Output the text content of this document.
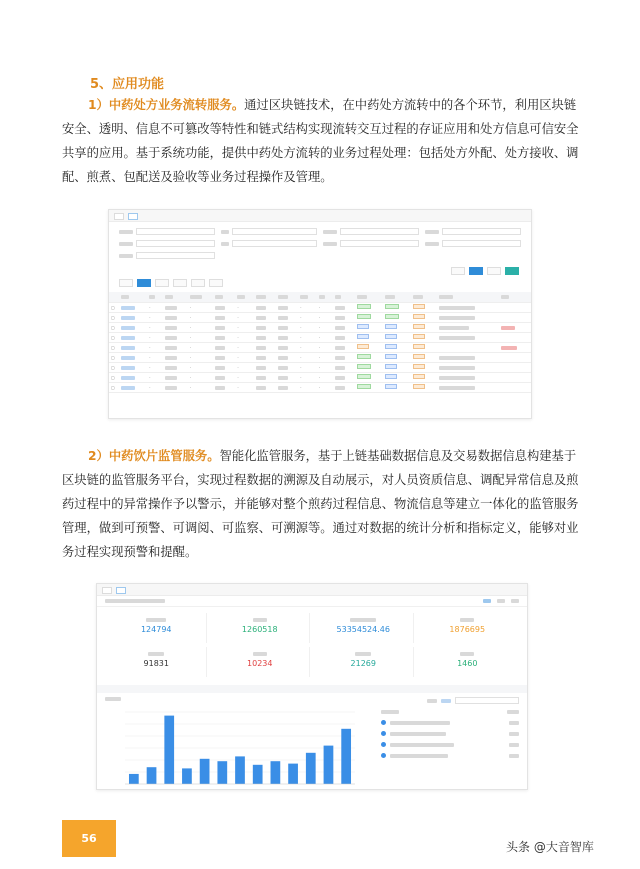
5、应用功能
1）中药处方业务流转服务。通过区块链技术，在中药处方流转中的各个环节，利用区块链安全、透明、信息不可篡改等特性和链式结构实现流转交互过程的存证应用和处方信息可信安全共享的应用。基于系统功能，提供中药处方流转的业务过程处理：包括处方外配、处方接收、调配、煎煮、包配送及验收等业务过程操作及管理。

▢		·		·		·			·	·						
▢		·		·		·			·	·						
▢		·		·		·			·	·						
▢		·		·		·			·	·						
▢		·		·		·			·	·						
▢		·		·		·			·	·						
▢		·		·		·			·	·						
▢		·		·		·			·	·						
▢		·		·		·			·	·						
2）中药饮片监管服务。智能化监管服务，基于上链基础数据信息及交易数据信息构建基于区块链的监管服务平台，实现过程数据的溯源及自动展示，对人员资质信息、调配异常信息及煎药过程中的异常操作予以警示，并能够对整个煎药过程信息、物流信息等建立一体化的监管服务管理，做到可预警、可调阅、可监察、可溯源等。通过对数据的统计分析和指标定义，能够对业务过程实现预警和提醒。
124794	1260518	53354524.46	1876695
91831	10234	21269	1460
56
头条 @大音智库
